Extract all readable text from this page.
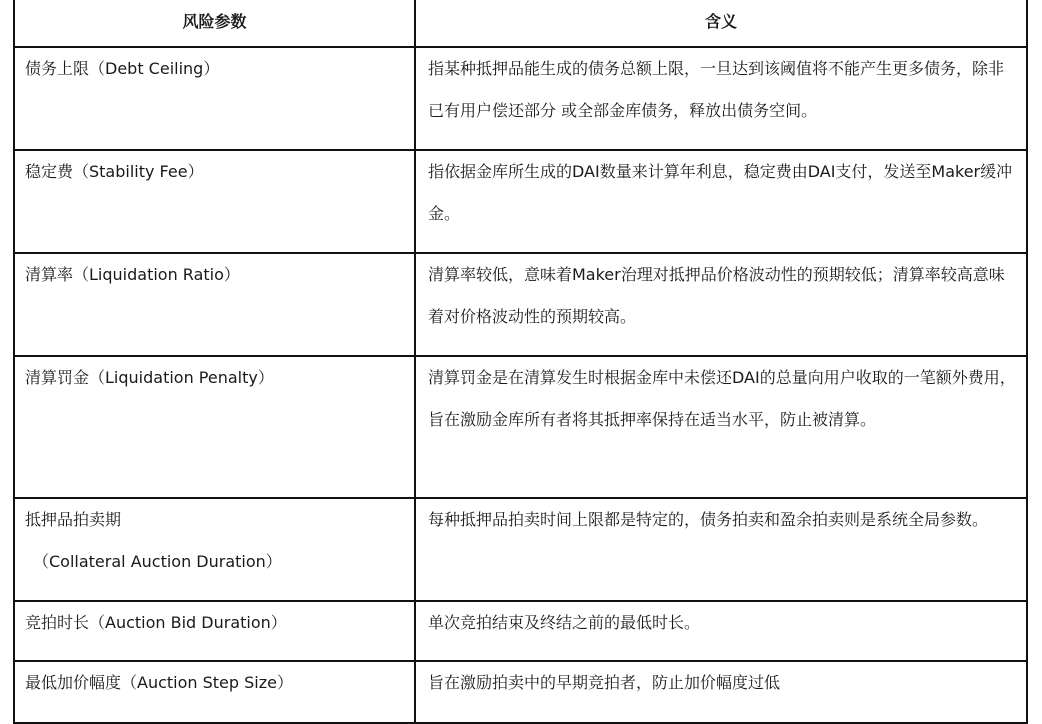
风险参数	含义

债务上限（Debt Ceiling）	指某种抵押品能生成的债务总额上限，一旦达到该阈值将不能产生更多债务，除非已有用户偿还部分 或全部金库债务，释放出债务空间。

稳定费（Stability Fee）	指依据金库所生成的DAI数量来计算年利息，稳定费由DAI支付，发送至Maker缓冲金。

清算率（Liquidation Ratio）	清算率较低，意味着Maker治理对抵押品价格波动性的预期较低；清算率较高意味着对价格波动性的预期较高。

清算罚金（Liquidation Penalty）	清算罚金是在清算发生时根据金库中未偿还DAI的总量向用户收取的一笔额外费用，旨在激励金库所有者将其抵押率保持在适当水平，防止被清算。

抵押品拍卖期
（Collateral Auction Duration）	每种抵押品拍卖时间上限都是特定的，债务拍卖和盈余拍卖则是系统全局参数。

竞拍时长（Auction Bid Duration）	单次竞拍结束及终结之前的最低时长。

最低加价幅度（Auction Step Size）	旨在激励拍卖中的早期竞拍者，防止加价幅度过低
